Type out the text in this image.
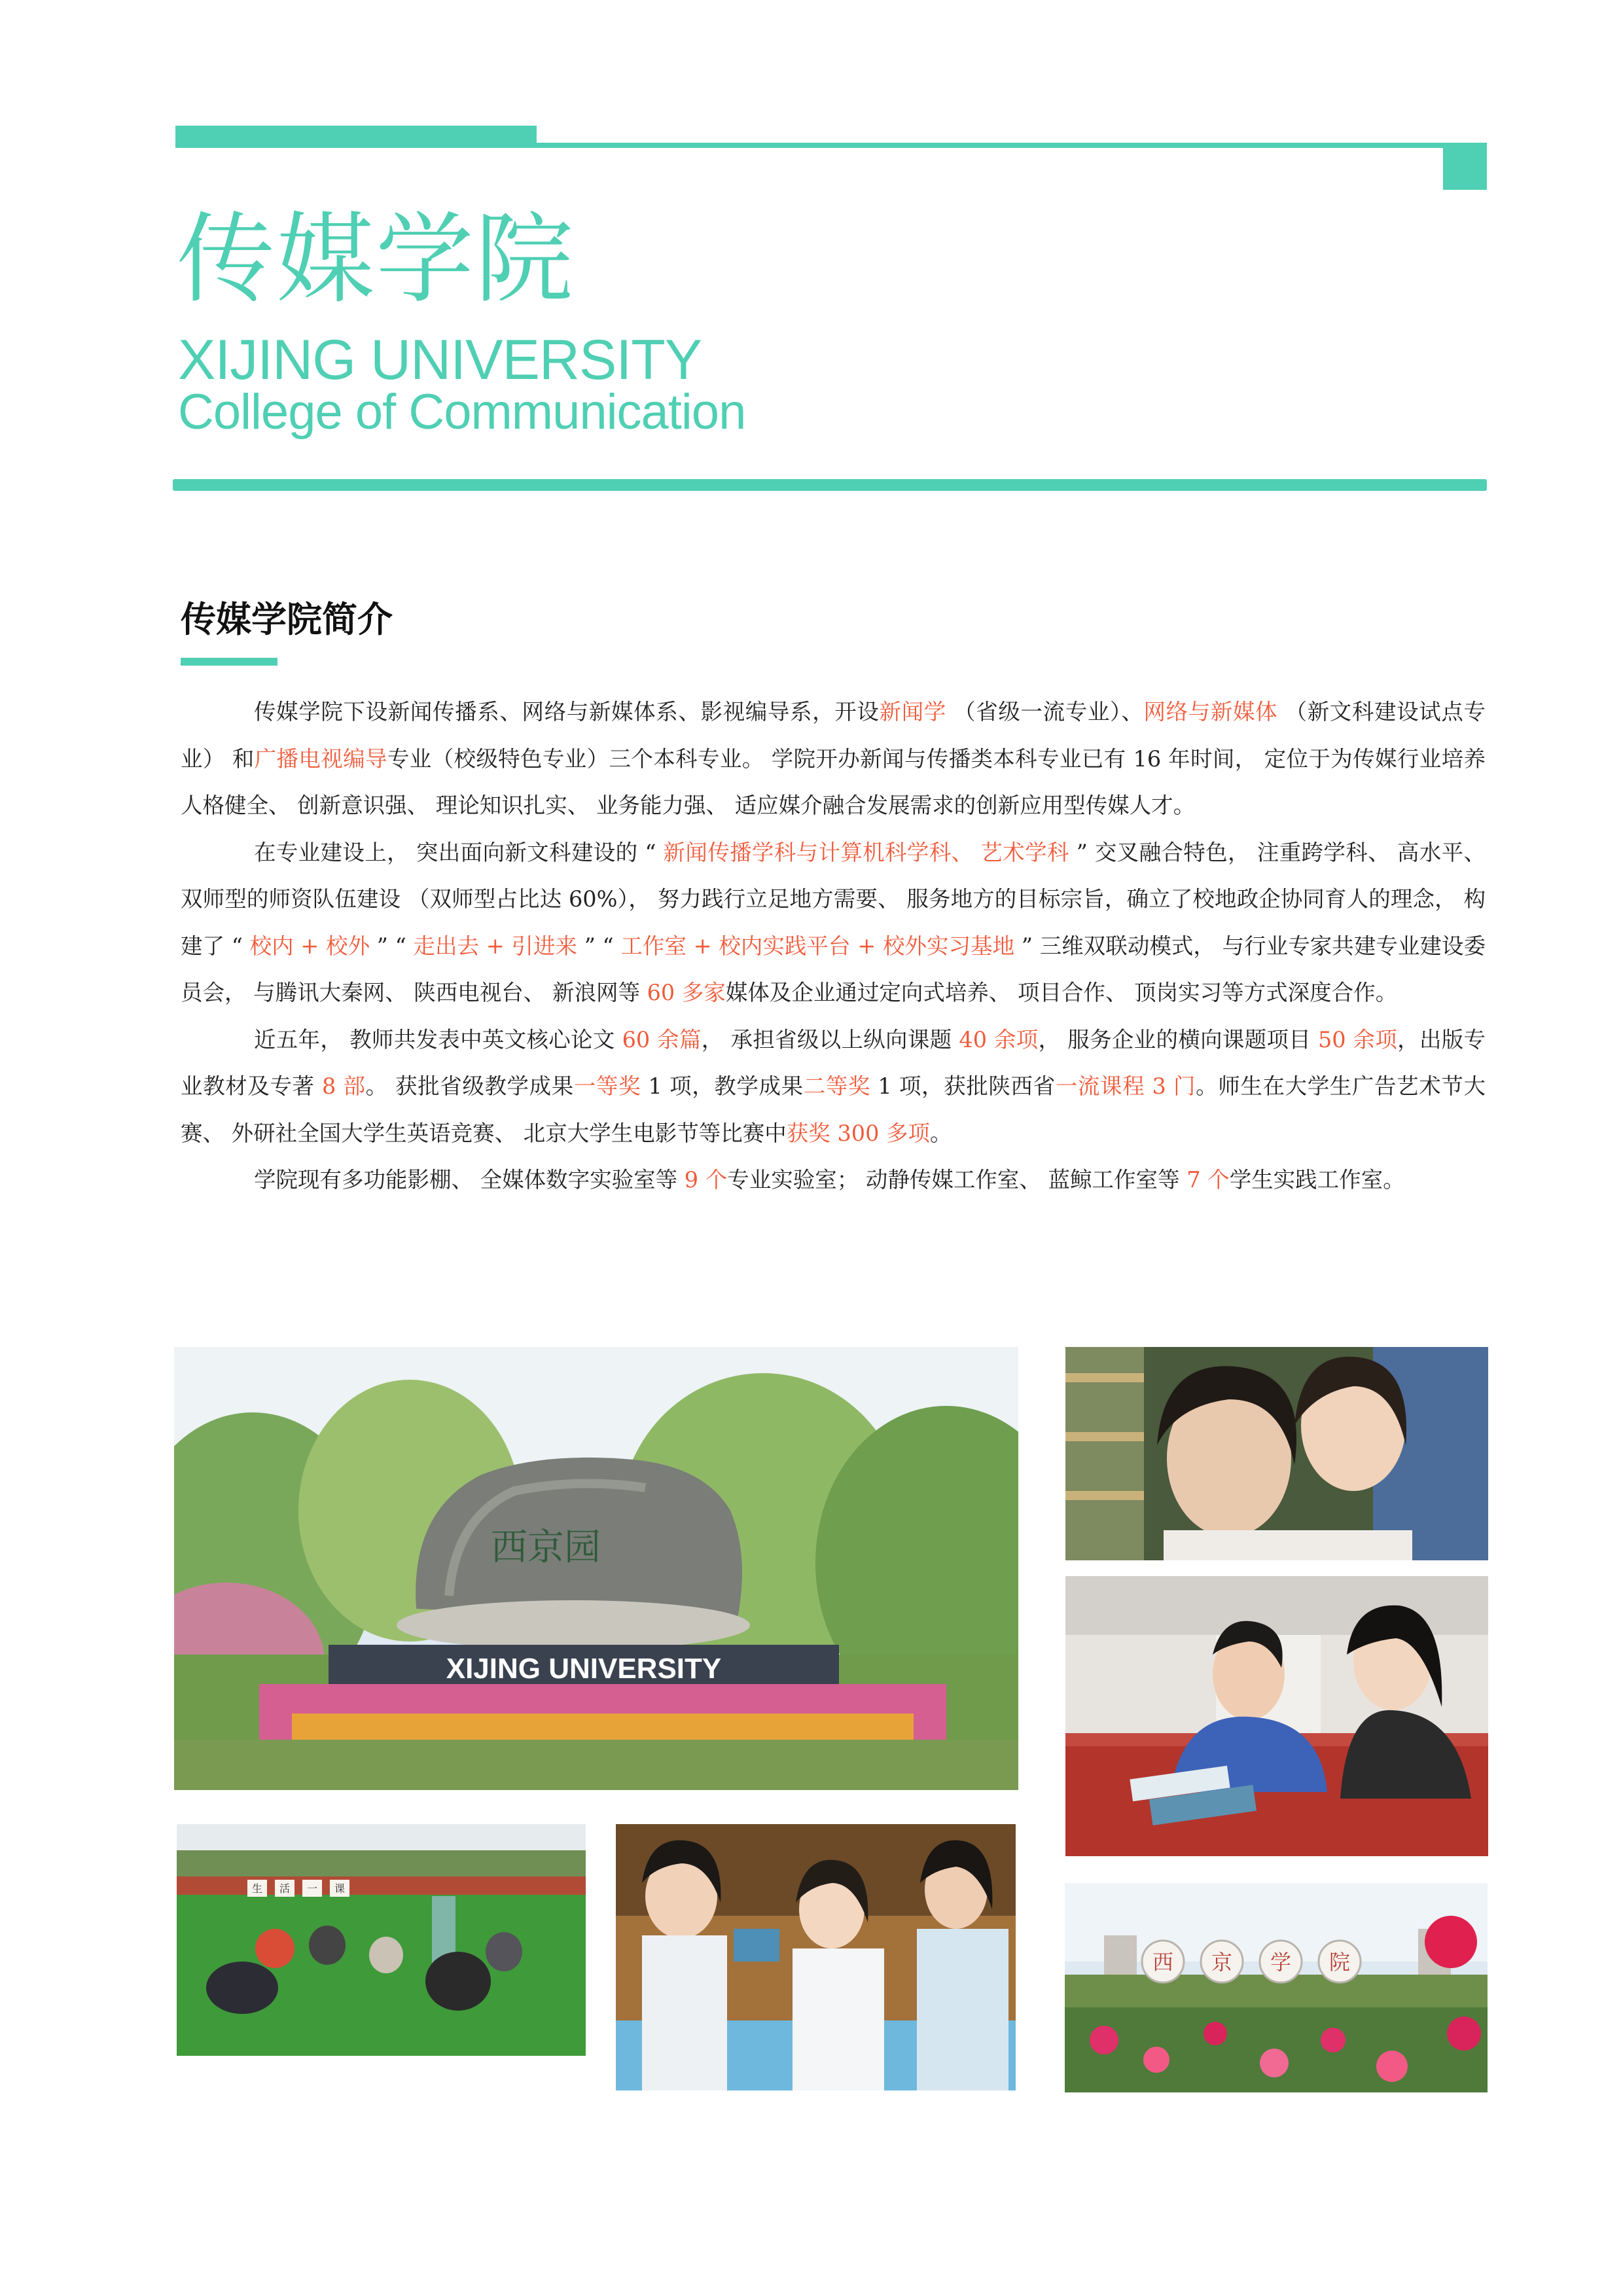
传媒学院
XIJING UNIVERSITY
College of Communication
传媒学院简介

传媒学院下设新闻传播系、网络与新媒体系、影视编导系，开设新闻学 （省级一流专业）、网络与新媒体 （新文科建设试点专业） 和广播电视编导专业（校级特色专业）三个本科专业。 学院开办新闻与传播类本科专业已有 16 年时间， 定位于为传媒行业培养人格健全、 创新意识强、 理论知识扎实、 业务能力强、 适应媒介融合发展需求的创新应用型传媒人才。

在专业建设上， 突出面向新文科建设的 “ 新闻传播学科与计算机科学科、 艺术学科 ” 交叉融合特色， 注重跨学科、 高水平、 双师型的师资队伍建设 （双师型占比达 60%）， 努力践行立足地方需要、 服务地方的目标宗旨，确立了校地政企协同育人的理念， 构建了 “ 校内 + 校外 ” “ 走出去 + 引进来 ” “ 工作室 + 校内实践平台 + 校外实习基地 ” 三维双联动模式， 与行业专家共建专业建设委员会， 与腾讯大秦网、 陕西电视台、 新浪网等 60 多家媒体及企业通过定向式培养、 项目合作、 顶岗实习等方式深度合作。

近五年， 教师共发表中英文核心论文 60 余篇， 承担省级以上纵向课题 40 余项， 服务企业的横向课题项目 50 余项，出版专业教材及专著 8 部。 获批省级教学成果一等奖 1 项，教学成果二等奖 1 项，获批陕西省一流课程 3 门。师生在大学生广告艺术节大赛、 外研社全国大学生英语竞赛、 北京大学生电影节等比赛中获奖 300 多项。

学院现有多功能影棚、 全媒体数字实验室等 9 个专业实验室； 动静传媒工作室、 蓝鲸工作室等 7 个学生实践工作室。

西京园
XIJING UNIVERSITY
生 活 一 课
西 京 学 院
